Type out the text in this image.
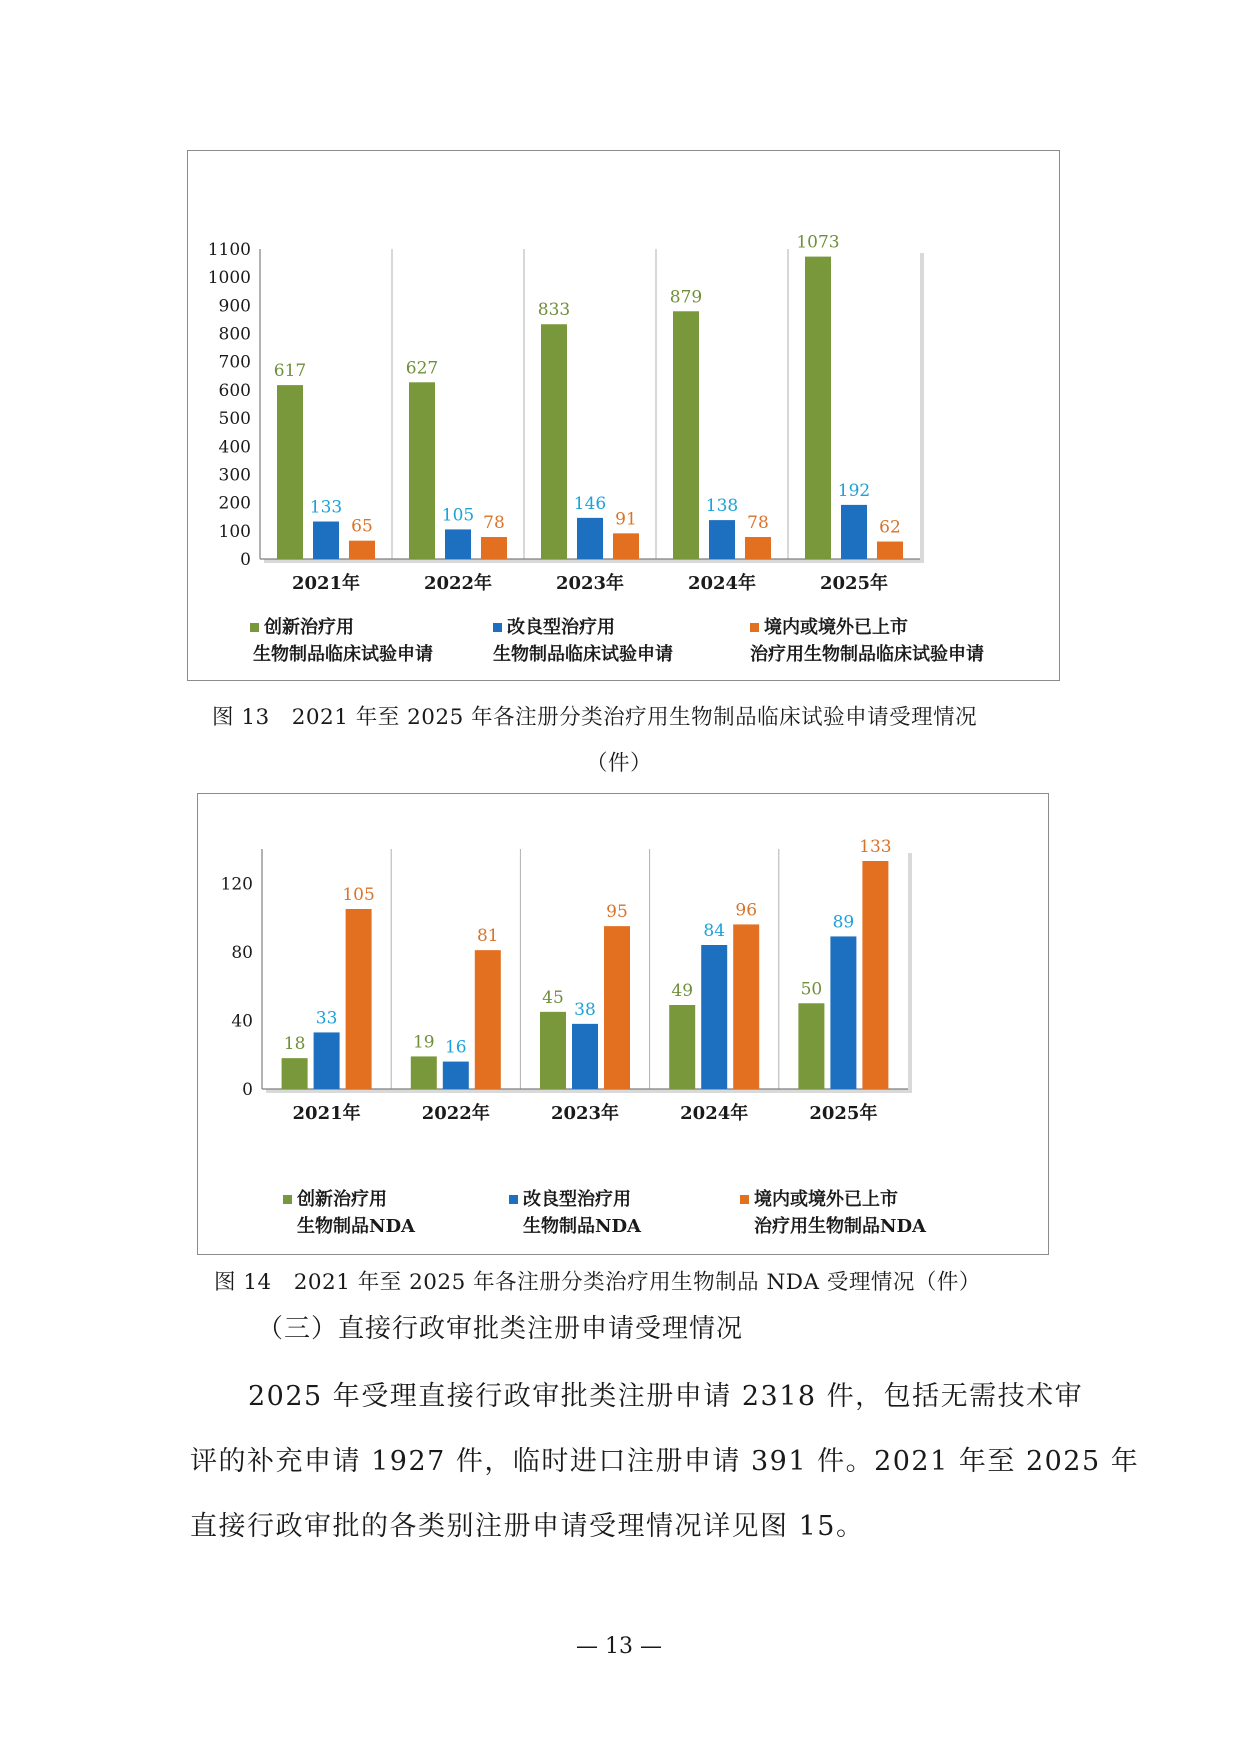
0
100
200
300
400
500
600
700
800
900
1000
1100
617
133
65
2021年
627
105 78
2022年
833
146
91
2023年
879
138
78
2024年
1073
192
62
2025年
创新治疗用
生物制品临床试验申请
改良型治疗用
生物制品临床试验申请
境内或境外已上市
治疗用生物制品临床试验申请
图 13　2021 年至 2025 年各注册分类治疗用生物制品临床试验申请受理情况
（件）
0
40
80
120
18
33
105
2021年
19 16
81
2022年
45
38
95
2023年
49
84
96
2024年
50
89
133
2025年
创新治疗用
生物制品NDA
改良型治疗用
生物制品NDA
境内或境外已上市
治疗用生物制品NDA
图 14　2021 年至 2025 年各注册分类治疗用生物制品 NDA 受理情况（件）
（三）直接行政审批类注册申请受理情况
2025 年受理直接行政审批类注册申请 2318 件，包括无需技术审
评的补充申请 1927 件，临时进口注册申请 391 件。2021 年至 2025 年
直接行政审批的各类别注册申请受理情况详见图 15。
— 13 —
